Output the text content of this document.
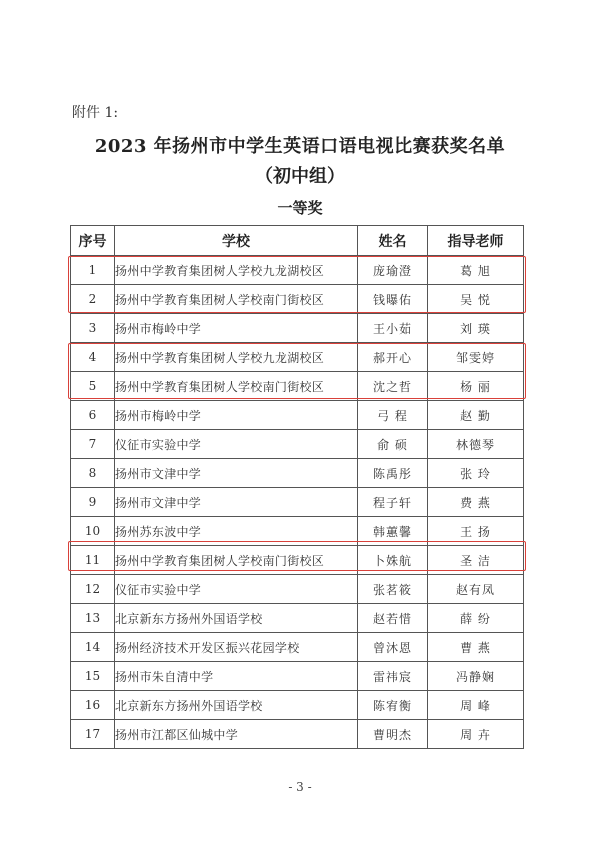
附件 1:
2023 年扬州市中学生英语口语电视比赛获奖名单
（初中组）
一等奖
序号	学校	姓名	指导老师
1	扬州中学教育集团树人学校九龙湖校区	庞瑜澄	葛 旭
2	扬州中学教育集团树人学校南门街校区	钱曝佑	吴 悦
3	扬州市梅岭中学	王小茹	刘 瑛
4	扬州中学教育集团树人学校九龙湖校区	郝开心	邹雯婷
5	扬州中学教育集团树人学校南门街校区	沈之哲	杨 丽
6	扬州市梅岭中学	弓 程	赵 勤
7	仪征市实验中学	俞 硕	林德琴
8	扬州市文津中学	陈禹彤	张 玲
9	扬州市文津中学	程子轩	费 燕
10	扬州苏东波中学	韩蕙馨	王 扬
11	扬州中学教育集团树人学校南门街校区	卜姝航	圣 洁
12	仪征市实验中学	张茗筱	赵有凤
13	北京新东方扬州外国语学校	赵若惜	薛 纷
14	扬州经济技术开发区振兴花园学校	曾沐恩	曹 燕
15	扬州市朱自清中学	雷祎宸	冯静娴
16	北京新东方扬州外国语学校	陈宥衡	周 峰
17	扬州市江都区仙城中学	曹明杰	周 卉
- 3 -
